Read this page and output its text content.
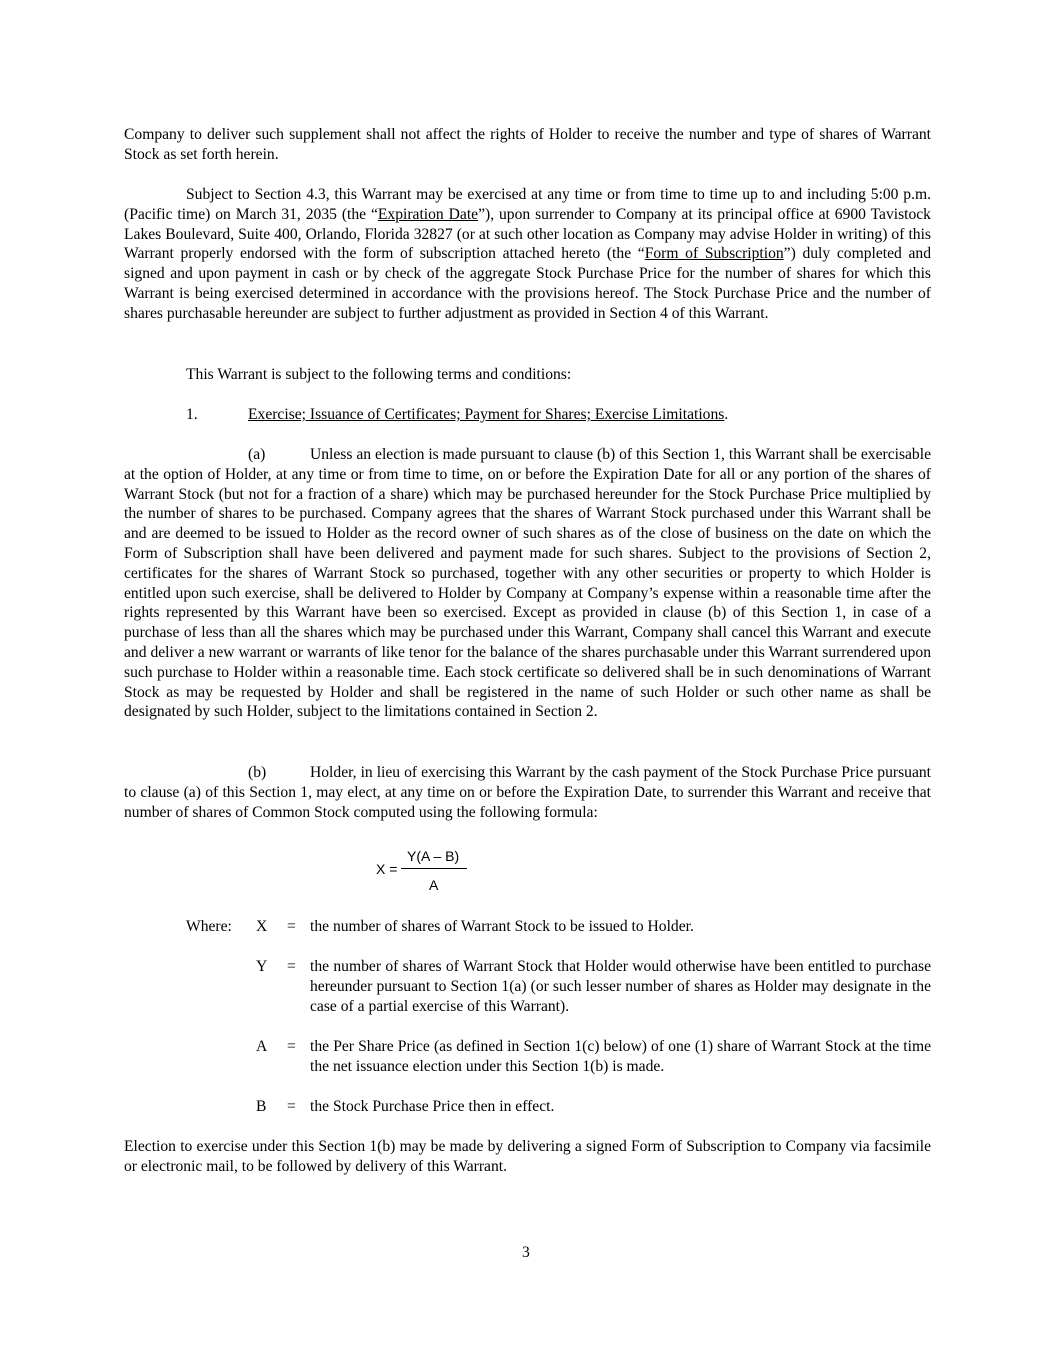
Company to deliver such supplement shall not affect the rights of Holder to receive the number and type of shares of Warrant Stock as set forth herein.

Subject to Section 4.3, this Warrant may be exercised at any time or from time to time up to and including 5:00 p.m. (Pacific time) on March 31, 2035 (the “Expiration Date”), upon surrender to Company at its principal office at 6900 Tavistock Lakes Boulevard, Suite 400, Orlando, Florida 32827 (or at such other location as Company may advise Holder in writing) of this Warrant properly endorsed with the form of subscription attached hereto (the “Form of Subscription”) duly completed and signed and upon payment in cash or by check of the aggregate Stock Purchase Price for the number of shares for which this Warrant is being exercised determined in accordance with the provisions hereof. The Stock Purchase Price and the number of shares purchasable hereunder are subject to further adjustment as provided in Section 4 of this Warrant.

This Warrant is subject to the following terms and conditions:

1.	Exercise; Issuance of Certificates; Payment for Shares; Exercise Limitations.

(a)	Unless an election is made pursuant to clause (b) of this Section 1, this Warrant shall be exercisable at the option of Holder, at any time or from time to time, on or before the Expiration Date for all or any portion of the shares of Warrant Stock (but not for a fraction of a share) which may be purchased hereunder for the Stock Purchase Price multiplied by the number of shares to be purchased. Company agrees that the shares of Warrant Stock purchased under this Warrant shall be and are deemed to be issued to Holder as the record owner of such shares as of the close of business on the date on which the Form of Subscription shall have been delivered and payment made for such shares. Subject to the provisions of Section 2, certificates for the shares of Warrant Stock so purchased, together with any other securities or property to which Holder is entitled upon such exercise, shall be delivered to Holder by Company at Company’s expense within a reasonable time after the rights represented by this Warrant have been so exercised. Except as provided in clause (b) of this Section 1, in case of a purchase of less than all the shares which may be purchased under this Warrant, Company shall cancel this Warrant and execute and deliver a new warrant or warrants of like tenor for the balance of the shares purchasable under this Warrant surrendered upon such purchase to Holder within a reasonable time. Each stock certificate so delivered shall be in such denominations of Warrant Stock as may be requested by Holder and shall be registered in the name of such Holder or such other name as shall be designated by such Holder, subject to the limitations contained in Section 2.

(b)	Holder, in lieu of exercising this Warrant by the cash payment of the Stock Purchase Price pursuant to clause (a) of this Section 1, may elect, at any time on or before the Expiration Date, to surrender this Warrant and receive that number of shares of Common Stock computed using the following formula:

X =
Y(A – B)
A

Where: X = the number of shares of Warrant Stock to be issued to Holder.

Y = the number of shares of Warrant Stock that Holder would otherwise have been entitled to purchase hereunder pursuant to Section 1(a) (or such lesser number of shares as Holder may designate in the case of a partial exercise of this Warrant).

A = the Per Share Price (as defined in Section 1(c) below) of one (1) share of Warrant Stock at the time the net issuance election under this Section 1(b) is made.

B = the Stock Purchase Price then in effect.

Election to exercise under this Section 1(b) may be made by delivering a signed Form of Subscription to Company via facsimile or electronic mail, to be followed by delivery of this Warrant.

3
